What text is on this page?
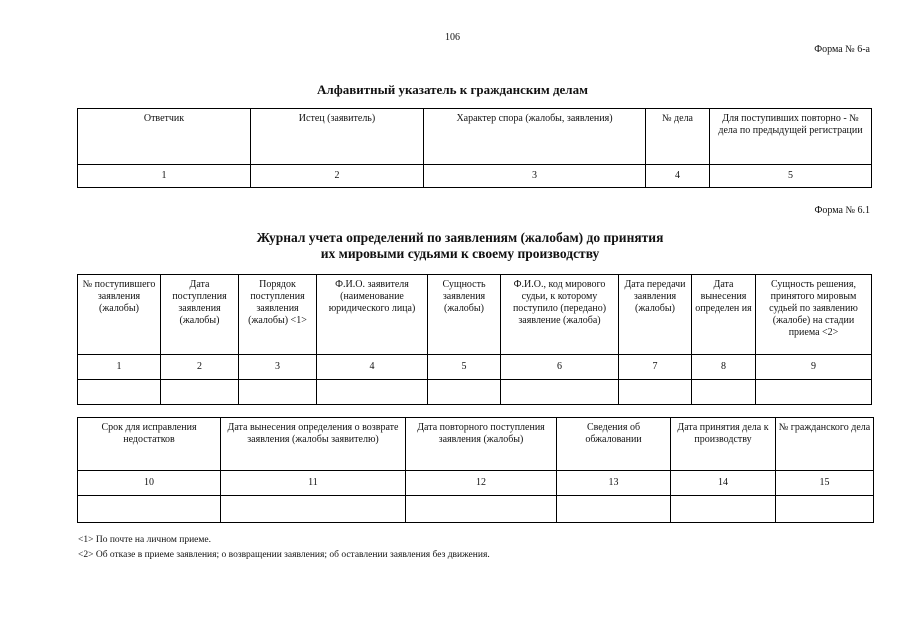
106
Форма № 6-а
Алфавитный указатель к гражданским делам
Ответчик	Истец (заявитель)	Характер спора (жалобы, заявления)	№ дела	Для поступивших повторно - № дела по предыдущей регистрации
1	2	3	4	5
Форма № 6.1
Журнал учета определений по заявлениям (жалобам) до принятия
их мировыми судьями к своему производству
№ поступившего заявления (жалобы)	Дата поступления заявления (жалобы)	Порядок поступления заявления (жалобы) <1>	Ф.И.О. заявителя (наименование юридического лица)	Сущность заявления (жалобы)	Ф.И.О., код мирового судьи, к которому поступило (передано) заявление (жалоба)	Дата передачи заявления (жалобы)	Дата вынесения определен ия	Сущность решения, принятого мировым судьей по заявлению (жалобе) на стадии приема <2>
1	2	3	4	5	6	7	8	9

Срок для исправления недостатков	Дата вынесения определения о возврате заявления (жалобы заявителю)	Дата повторного поступления заявления (жалобы)	Сведения об обжаловании	Дата принятия дела к производству	№ гражданского дела
10	11	12	13	14	15

<1> По почте на личном приеме.
<2> Об отказе в приеме заявления; о возвращении заявления; об оставлении заявления без движения.
